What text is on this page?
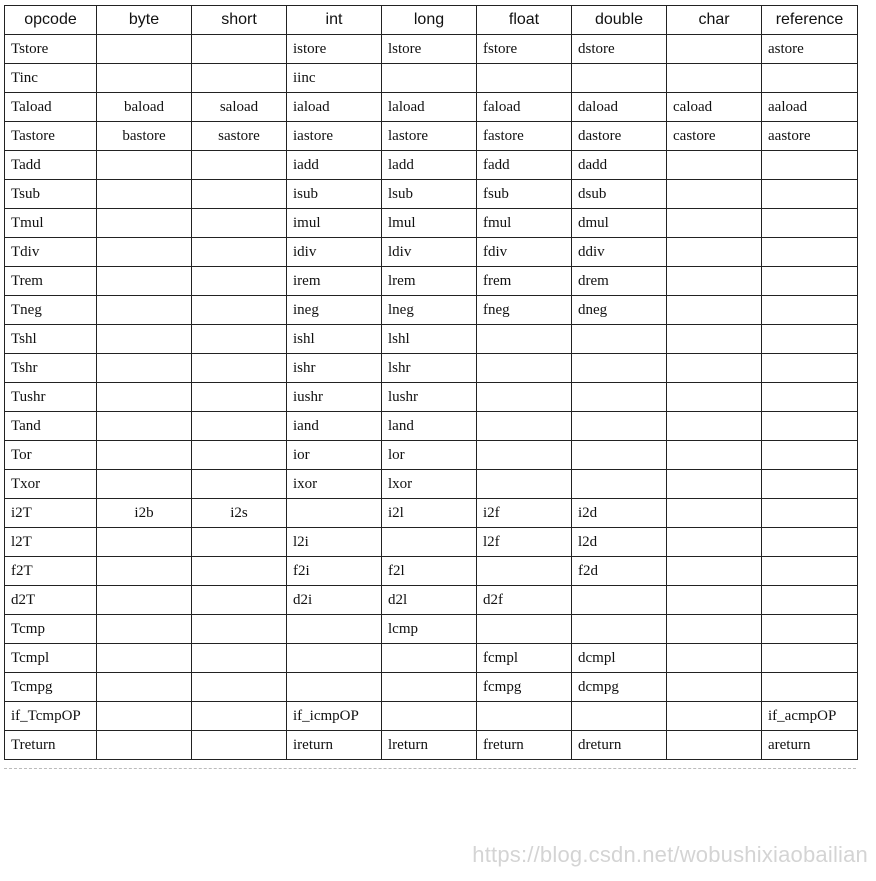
opcode	byte	short	int	long	float	double	char	reference
Tstore			istore	lstore	fstore	dstore		astore
Tinc			iinc					
Taload	baload	saload	iaload	laload	faload	daload	caload	aaload
Tastore	bastore	sastore	iastore	lastore	fastore	dastore	castore	aastore
Tadd			iadd	ladd	fadd	dadd		
Tsub			isub	lsub	fsub	dsub		
Tmul			imul	lmul	fmul	dmul		
Tdiv			idiv	ldiv	fdiv	ddiv		
Trem			irem	lrem	frem	drem		
Tneg			ineg	lneg	fneg	dneg		
Tshl			ishl	lshl				
Tshr			ishr	lshr				
Tushr			iushr	lushr				
Tand			iand	land				
Tor			ior	lor				
Txor			ixor	lxor				
i2T	i2b	i2s		i2l	i2f	i2d		
l2T			l2i		l2f	l2d		
f2T			f2i	f2l		f2d		
d2T			d2i	d2l	d2f			
Tcmp				lcmp				
Tcmpl					fcmpl	dcmpl		
Tcmpg					fcmpg	dcmpg		
if_TcmpOP			if_icmpOP					if_acmpOP
Treturn			ireturn	lreturn	freturn	dreturn		areturn
https://blog.csdn.net/wobushixiaobailian
